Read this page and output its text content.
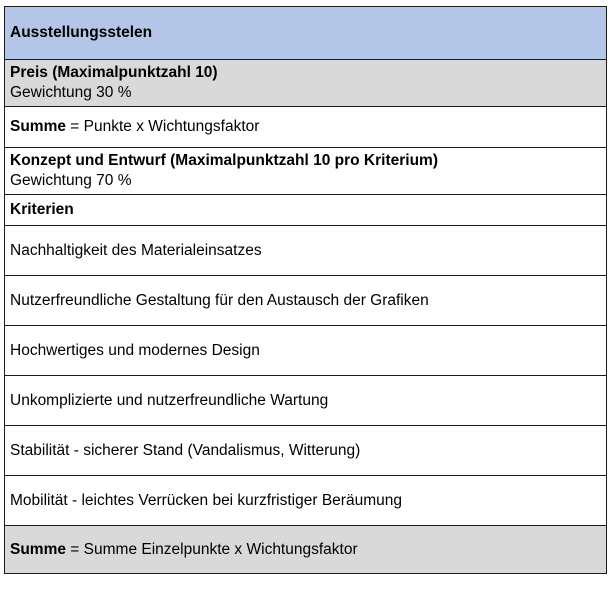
Ausstellungsstelen

Preis (Maximalpunktzahl 10)
Gewichtung 30 %

Summe = Punkte x Wichtungsfaktor

Konzept und Entwurf (Maximalpunktzahl 10 pro Kriterium)
Gewichtung 70 %

Kriterien
Nachhaltigkeit des Materialeinsatzes
Nutzerfreundliche Gestaltung für den Austausch der Grafiken
Hochwertiges und modernes Design
Unkomplizierte und nutzerfreundliche Wartung
Stabilität - sicherer Stand (Vandalismus, Witterung)
Mobilität - leichtes Verrücken bei kurzfristiger Beräumung
Summe = Summe Einzelpunkte x Wichtungsfaktor
